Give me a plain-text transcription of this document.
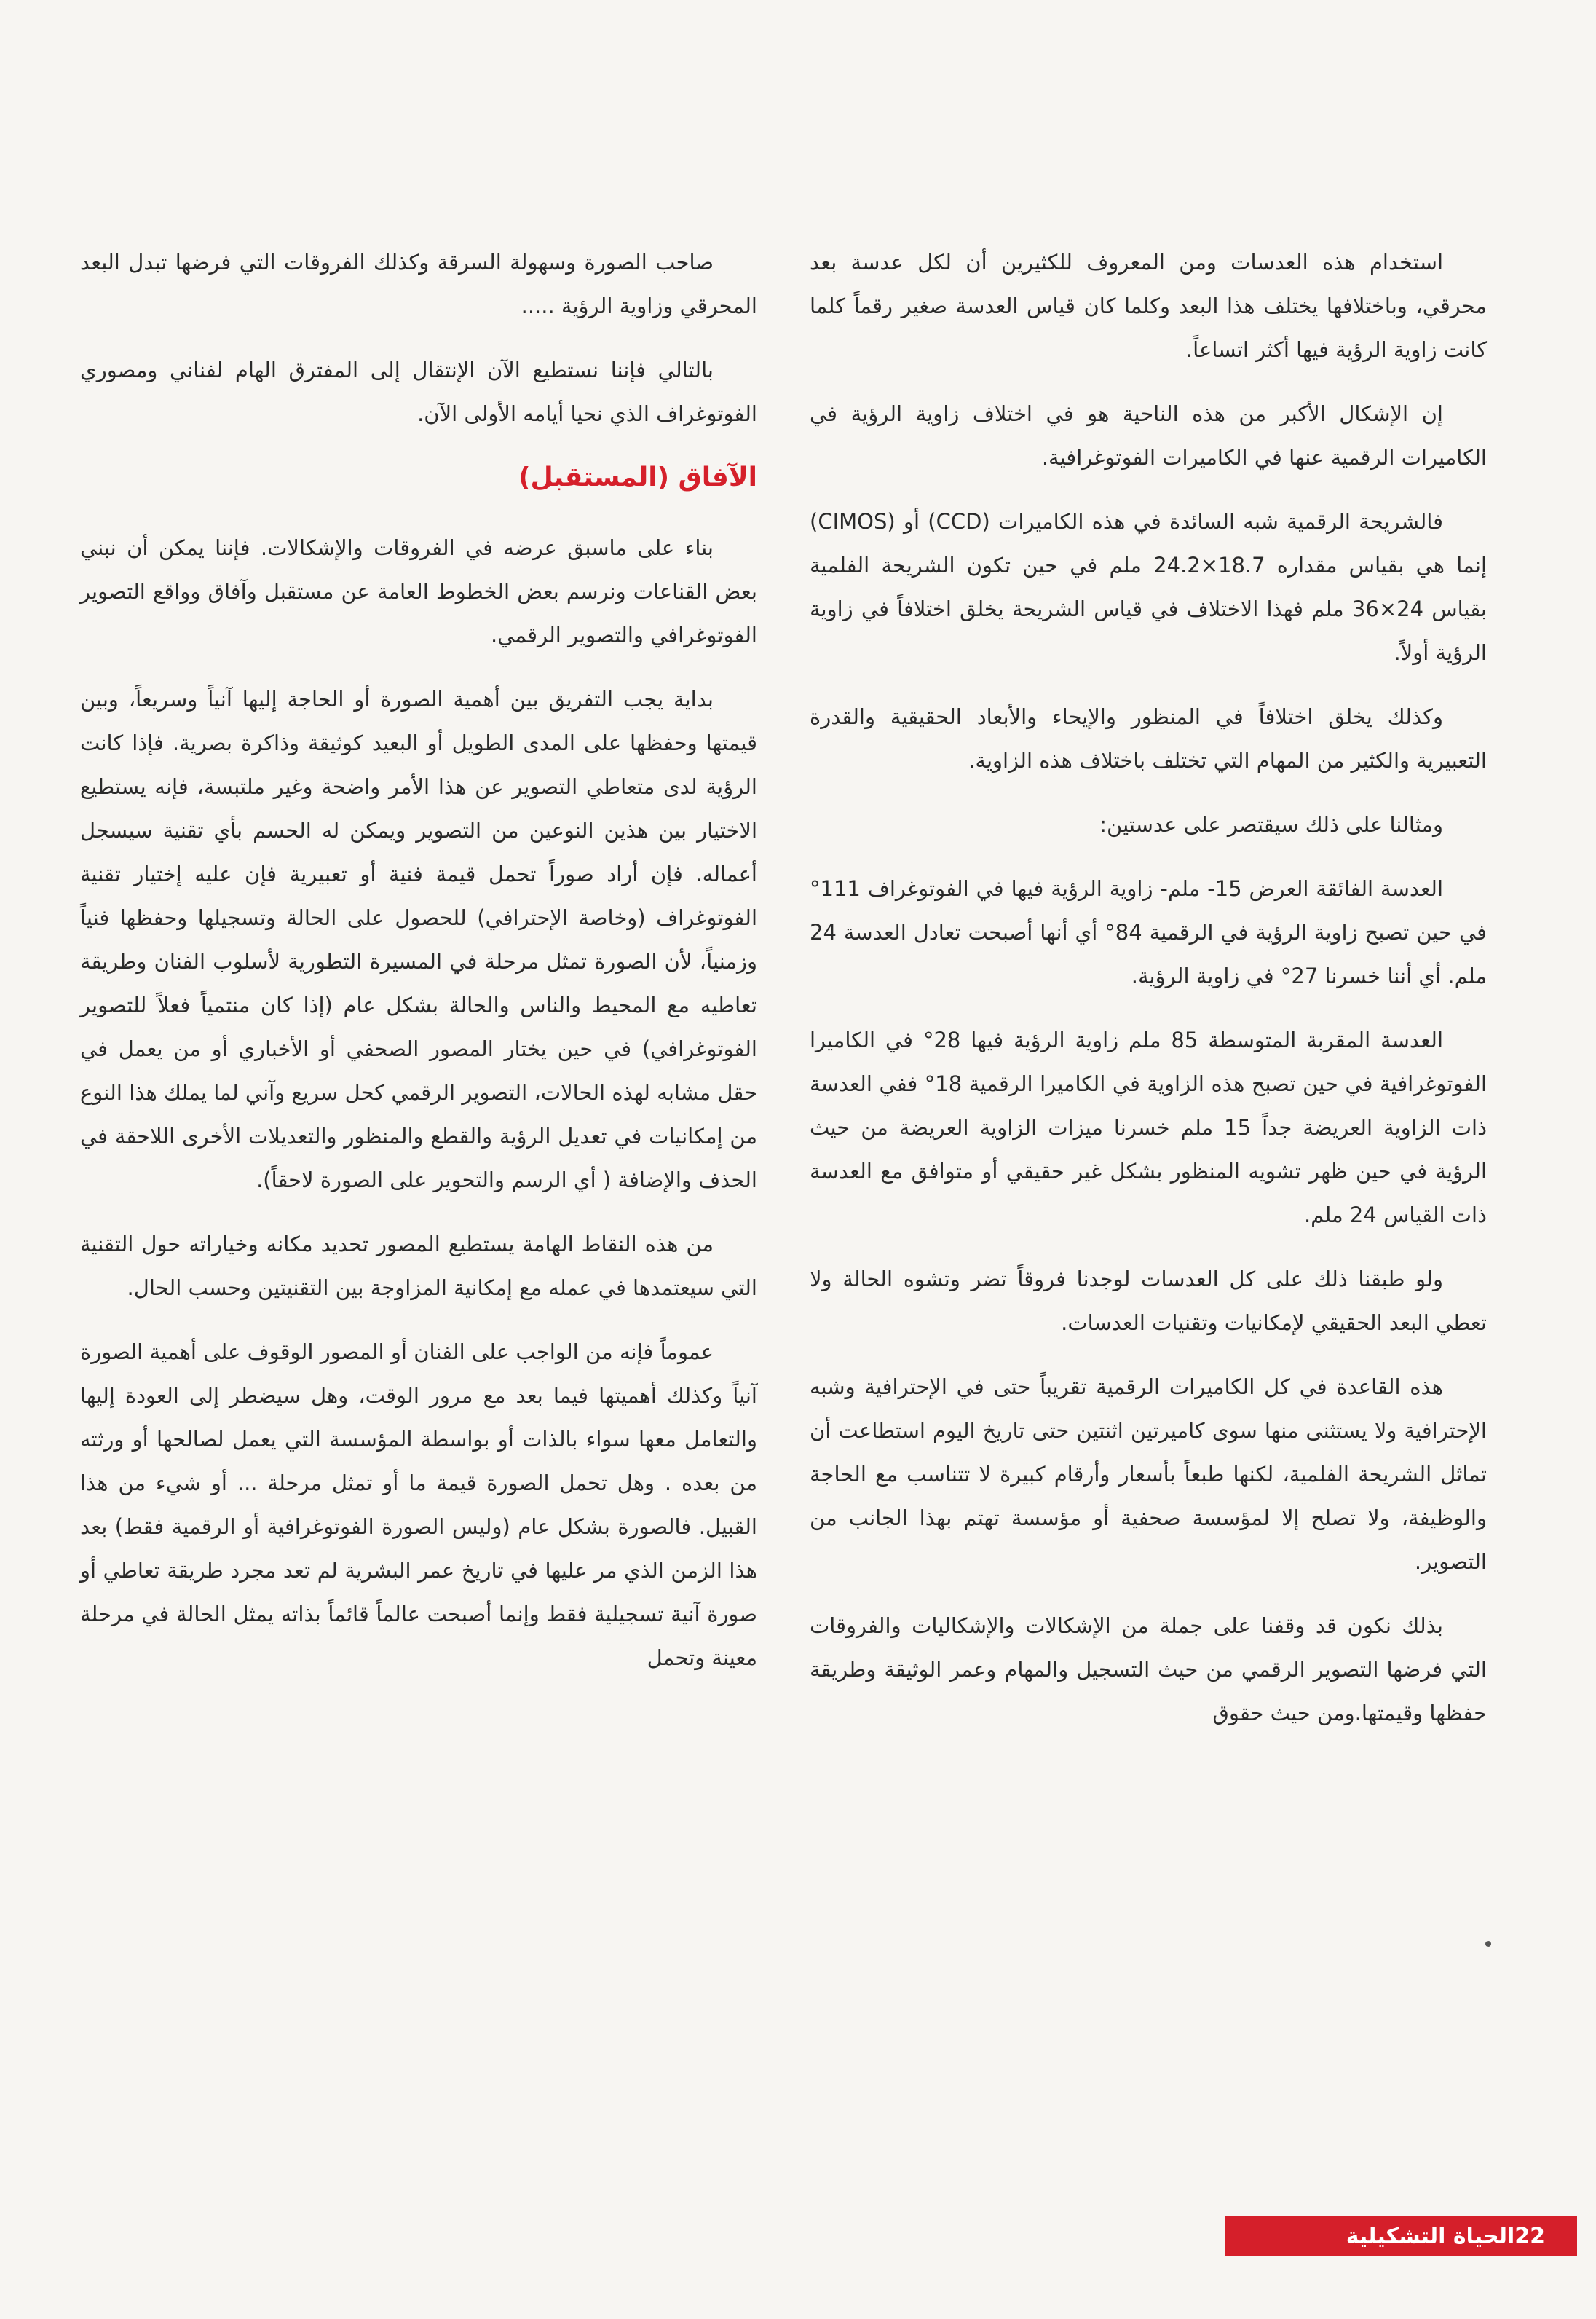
استخدام هذه العدسات ومن المعروف للكثيرين أن لكل عدسة بعد محرقي، وباختلافها يختلف هذا البعد وكلما كان قياس العدسة صغير رقماً كلما كانت زاوية الرؤية فيها أكثر اتساعاً.

إن الإشكال الأكبر من هذه الناحية هو في اختلاف زاوية الرؤية في الكاميرات الرقمية عنها في الكاميرات الفوتوغرافية.

فالشريحة الرقمية شبه السائدة في هذه الكاميرات (CCD) أو (CIMOS) إنما هي بقياس مقداره 18.7×24.2 ملم في حين تكون الشريحة الفلمية بقياس 24×36 ملم فهذا الاختلاف في قياس الشريحة يخلق اختلافاً في زاوية الرؤية أولاً.

وكذلك يخلق اختلافاً في المنظور والإيحاء والأبعاد الحقيقية والقدرة التعبيرية والكثير من المهام التي تختلف باختلاف هذه الزاوية.

ومثالنا على ذلك سيقتصر على عدستين:

العدسة الفائقة العرض 15- ملم- زاوية الرؤية فيها في الفوتوغراف 111° في حين تصبح زاوية الرؤية في الرقمية 84° أي أنها أصبحت تعادل العدسة 24 ملم. أي أننا خسرنا 27° في زاوية الرؤية.

العدسة المقربة المتوسطة 85 ملم زاوية الرؤية فيها 28° في الكاميرا الفوتوغرافية في حين تصبح هذه الزاوية في الكاميرا الرقمية 18° ففي العدسة ذات الزاوية العريضة جداً 15 ملم خسرنا ميزات الزاوية العريضة من حيث الرؤية في حين ظهر تشويه المنظور بشكل غير حقيقي أو متوافق مع العدسة ذات القياس 24 ملم.

ولو طبقنا ذلك على كل العدسات لوجدنا فروقاً تضر وتشوه الحالة ولا تعطي البعد الحقيقي لإمكانيات وتقنيات العدسات.

هذه القاعدة في كل الكاميرات الرقمية تقريباً حتى في الإحترافية وشبه الإحترافية ولا يستثنى منها سوى كاميرتين اثنتين حتى تاريخ اليوم استطاعت أن تماثل الشريحة الفلمية، لكنها طبعاً بأسعار وأرقام كبيرة لا تتناسب مع الحاجة والوظيفة، ولا تصلح إلا لمؤسسة صحفية أو مؤسسة تهتم بهذا الجانب من التصوير.

بذلك نكون قد وقفنا على جملة من الإشكالات والإشكاليات والفروقات التي فرضها التصوير الرقمي من حيث التسجيل والمهام وعمر الوثيقة وطريقة حفظها وقيمتها.ومن حيث حقوق

صاحب الصورة وسهولة السرقة وكذلك الفروقات التي فرضها تبدل البعد المحرقي وزاوية الرؤية .....

بالتالي فإننا نستطيع الآن الإنتقال إلى المفترق الهام لفناني ومصوري الفوتوغراف الذي نحيا أيامه الأولى الآن.

الآفاق (المستقبل)

بناء على ماسبق عرضه في الفروقات والإشكالات. فإننا يمكن أن نبني بعض القناعات ونرسم بعض الخطوط العامة عن مستقبل وآفاق وواقع التصوير الفوتوغرافي والتصوير الرقمي.

بداية يجب التفريق بين أهمية الصورة أو الحاجة إليها آنياً وسريعاً، وبين قيمتها وحفظها على المدى الطويل أو البعيد كوثيقة وذاكرة بصرية. فإذا كانت الرؤية لدى متعاطي التصوير عن هذا الأمر واضحة وغير ملتبسة، فإنه يستطيع الاختيار بين هذين النوعين من التصوير ويمكن له الحسم بأي تقنية سيسجل أعماله. فإن أراد صوراً تحمل قيمة فنية أو تعبيرية فإن عليه إختيار تقنية الفوتوغراف (وخاصة الإحترافي) للحصول على الحالة وتسجيلها وحفظها فنياً وزمنياً، لأن الصورة تمثل مرحلة في المسيرة التطورية لأسلوب الفنان وطريقة تعاطيه مع المحيط والناس والحالة بشكل عام (إذا كان منتمياً فعلاً للتصوير الفوتوغرافي) في حين يختار المصور الصحفي أو الأخباري أو من يعمل في حقل مشابه لهذه الحالات، التصوير الرقمي كحل سريع وآني لما يملك هذا النوع من إمكانيات في تعديل الرؤية والقطع والمنظور والتعديلات الأخرى اللاحقة في الحذف والإضافة ( أي الرسم والتحوير على الصورة لاحقاً).

من هذه النقاط الهامة يستطيع المصور تحديد مكانه وخياراته حول التقنية التي سيعتمدها في عمله مع إمكانية المزاوجة بين التقنيتين وحسب الحال.

عموماً فإنه من الواجب على الفنان أو المصور الوقوف على أهمية الصورة آنياً وكذلك أهميتها فيما بعد مع مرور الوقت، وهل سيضطر إلى العودة إليها والتعامل معها سواء بالذات أو بواسطة المؤسسة التي يعمل لصالحها أو ورثته من بعده . وهل تحمل الصورة قيمة ما أو تمثل مرحلة ... أو شيء من هذا القبيل. فالصورة بشكل عام (وليس الصورة الفوتوغرافية أو الرقمية فقط) بعد هذا الزمن الذي مر عليها في تاريخ عمر البشرية لم تعد مجرد طريقة تعاطي أو صورة آنية تسجيلية فقط وإنما أصبحت عالماً قائماً بذاته يمثل الحالة في مرحلة معينة وتحمل

22
الحياة التشكيلية
